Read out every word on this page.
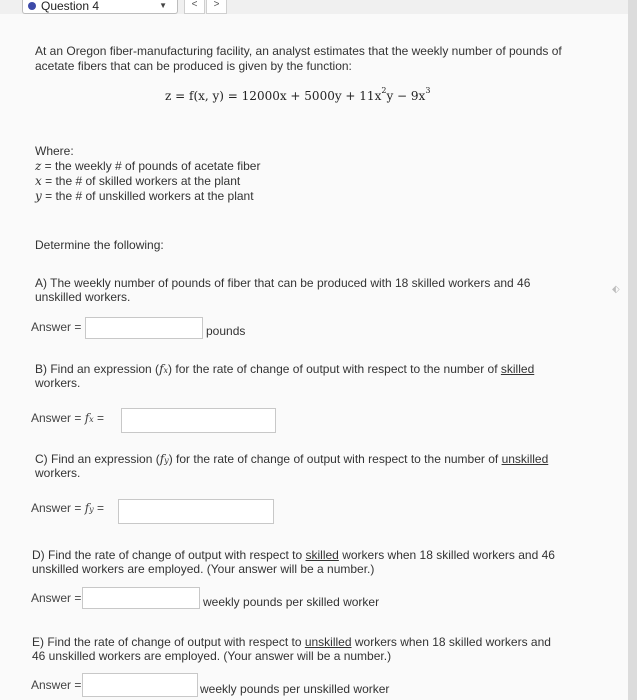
Question 4	▼	<	>
⬖
At an Oregon fiber-manufacturing facility, an analyst estimates that the weekly number of pounds of
acetate fibers that can be produced is given by the function:
z = f(x, $y) = 12000x + 5000y + 11x^2y - 9x^3$
Where:
z = the weekly # of pounds of acetate fiber
x = the # of skilled workers at the plant
y = the # of unskilled workers at the plant
Determine the following:
A) The weekly number of pounds of fiber that can be produced with 18 skilled workers and 46
unskilled workers.
Answer =	pounds
B) Find an expression (fx) for the rate of change of output with respect to the number of skilled
workers.
Answer = fx =
C) Find an expression (fy) for the rate of change of output with respect to the number of unskilled
workers.
Answer = fy =
D) Find the rate of change of output with respect to skilled workers when 18 skilled workers and 46
unskilled workers are employed. (Your answer will be a number.)
Answer =	weekly pounds per skilled worker
E) Find the rate of change of output with respect to unskilled workers when 18 skilled workers and
46 unskilled workers are employed. (Your answer will be a number.)
Answer =	weekly pounds per unskilled worker
